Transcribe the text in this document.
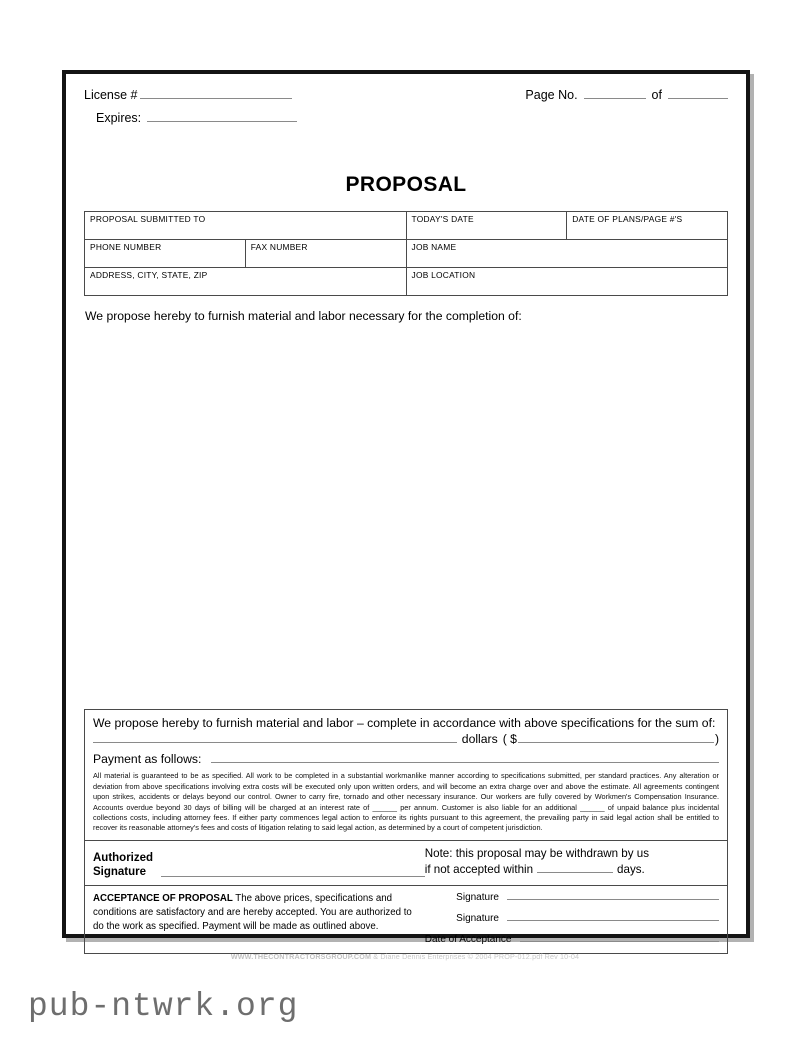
License #
Expires:
Page No.	of
PROPOSAL
PROPOSAL SUBMITTED TO		TODAY'S DATE	DATE OF PLANS/PAGE #'S

PHONE NUMBER	FAX NUMBER	JOB NAME	

ADDRESS, CITY, STATE, ZIP		JOB LOCATION	
We propose hereby to furnish material and labor necessary for the completion of:
We propose hereby to furnish material and labor – complete in accordance with above specifications for the sum of:
dollars ( $	)
Payment as follows:
All material is guaranteed to be as specified. All work to be completed in a substantial workmanlike manner according to specifications submitted, per standard practices. Any alteration or deviation from above specifications involving extra costs will be executed only upon written orders, and will become an extra charge over and above the estimate. All agreements contingent upon strikes, accidents or delays beyond our control. Owner to carry fire, tornado and other necessary insurance. Our workers are fully covered by Workmen's Compensation Insurance. Accounts overdue beyond 30 days of billing will be charged at an interest rate of ______ per annum. Customer is also liable for an additional ______ of unpaid balance plus incidental collections costs, including attorney fees. If either party commences legal action to enforce its rights pursuant to this agreement, the prevailing party in said legal action shall be entitled to recover its reasonable attorney's fees and costs of litigation relating to said legal action, as determined by a court of competent jurisdiction.
Authorized
Signature
Note: this proposal may be withdrawn by us
if not accepted within	days.
ACCEPTANCE OF PROPOSAL The above prices, specifications and conditions are satisfactory and are hereby accepted. You are authorized to do the work as specified. Payment will be made as outlined above.
Signature
Signature
Date of Acceptance
WWW.THECONTRACTORSGROUP.COM & Diane Dennis Enterprises © 2004 PROP-012.pdf Rev 10-04
pub-ntwrk.org
